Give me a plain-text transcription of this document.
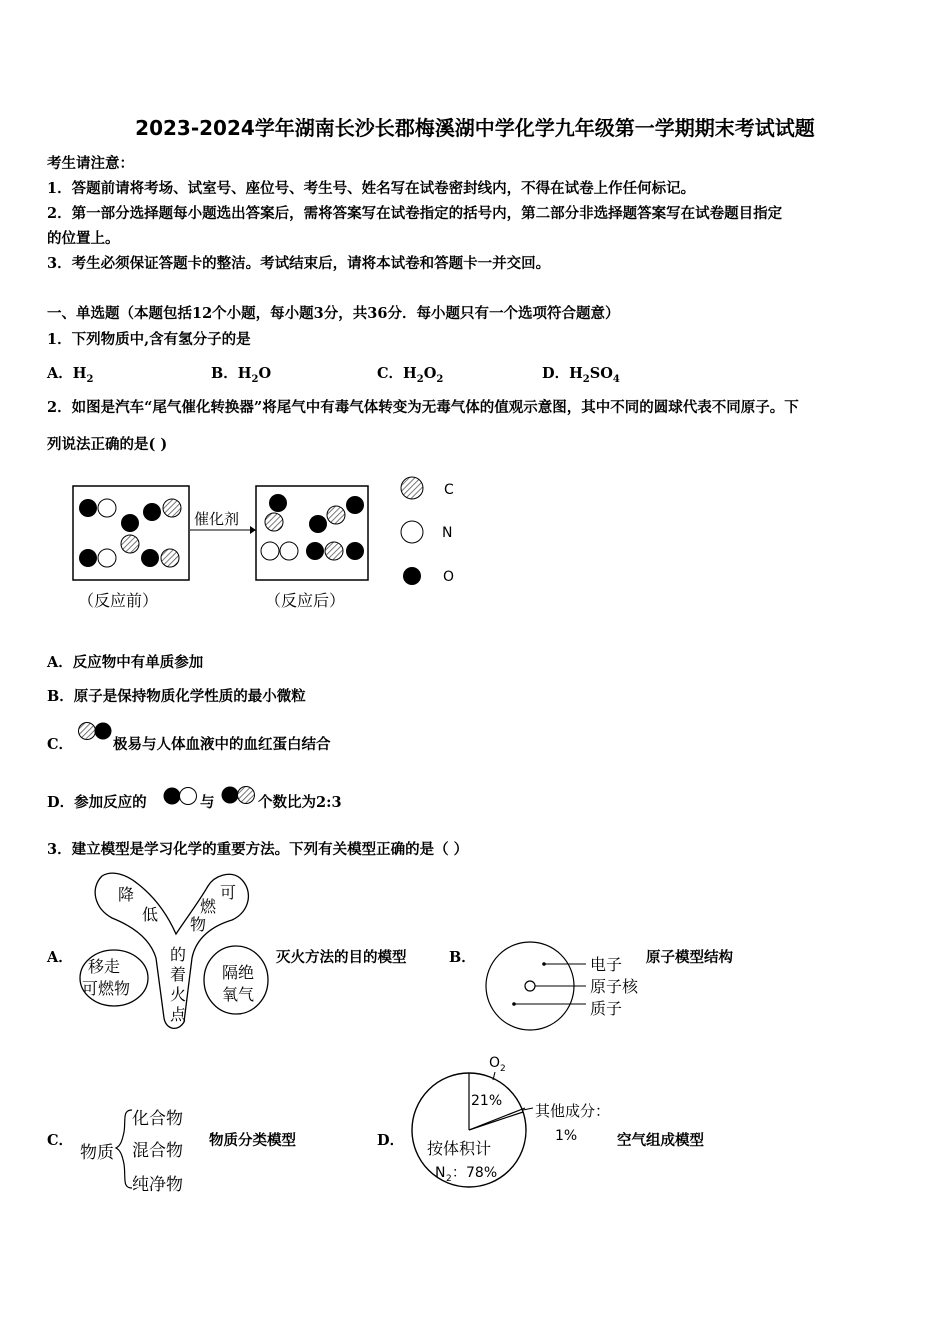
2023-2024学年湖南长沙长郡梅溪湖中学化学九年级第一学期期末考试试题
考生请注意：
1．答题前请将考场、试室号、座位号、考生号、姓名写在试卷密封线内，不得在试卷上作任何标记。
2．第一部分选择题每小题选出答案后，需将答案写在试卷指定的括号内，第二部分非选择题答案写在试卷题目指定
的位置上。
3．考生必须保证答题卡的整洁。考试结束后，请将本试卷和答题卡一并交回。
一、单选题（本题包括12个小题，每小题3分，共36分．每小题只有一个选项符合题意）
1．下列物质中,含有氢分子的是
A．$H_2$	B．$H_2O$	C．$H_2O_2$	D．$H_2SO_4$
2．如图是汽车“尾气催化转换器”将尾气中有毒气体转变为无毒气体的值观示意图，其中不同的圆球代表不同原子。下
列说法正确的是( )
催化剂
（反应前）	（反应后）
C
N
O
A．反应物中有单质参加
B．原子是保持物质化学性质的最小微粒
C．	极易与人体血液中的血红蛋白结合
D．参加反应的	与	个数比为2:3
3．建立模型是学习化学的重要方法。下列有关模型正确的是（ ）
A．
降
低
可
燃
物
的
着
火
点
移走
可燃物
隔绝
氧气
灭火方法的目的模型	B．	电子
原子核
质子
原子模型结构
C．
物质
化合物
混合物
纯净物
物质分类模型	D．
O 2
21%
其他成分：
1%
按体积计
N 2 ：78%
空气组成模型
